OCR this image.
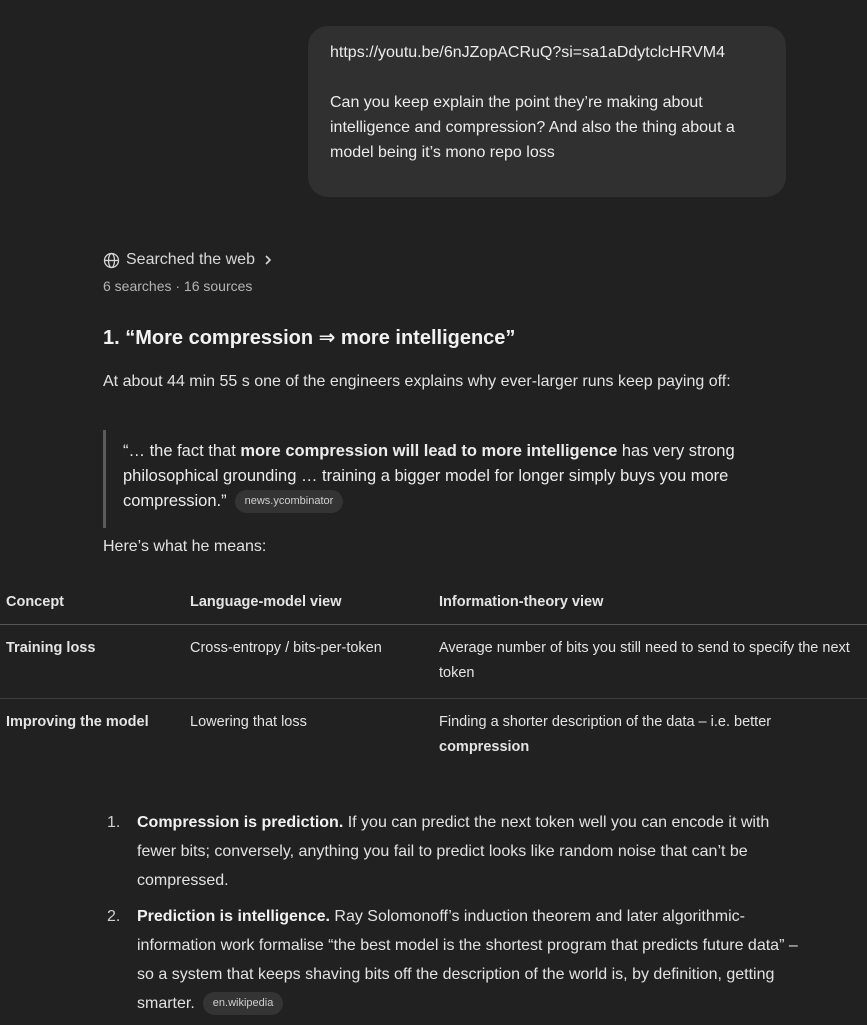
https://youtu.be/6nJZopACRuQ?si=sa1aDdytclcHRVM4
Can you keep explain the point they’re making about intelligence and compression? And also the thing about a model being it’s mono repo loss
Searched the web
6 searches · 16 sources
1. “More compression ⇒ more intelligence”

At about 44 min 55 s one of the engineers explains why ever-larger runs keep paying off:

“… the fact that more compression will lead to more intelligence has very strong philosophical grounding … training a bigger model for longer simply buys you more compression.” news.ycombinator

Here’s what he means:

Concept	Language-model view	Information-theory view
Training loss	Cross-entropy / bits-per-token	Average number of bits you still need to send to specify the next token
Improving the model	Lowering that loss	Finding a shorter description of the data – i.e. better compression
1. Compression is prediction. If you can predict the next token well you can encode it with fewer bits; conversely, anything you fail to predict looks like random noise that can’t be compressed.
2. Prediction is intelligence. Ray Solomonoff’s induction theorem and later algorithmic-information work formalise “the best model is the shortest program that predicts future data” – so a system that keeps shaving bits off the description of the world is, by definition, getting smarter. en.wikipedia
